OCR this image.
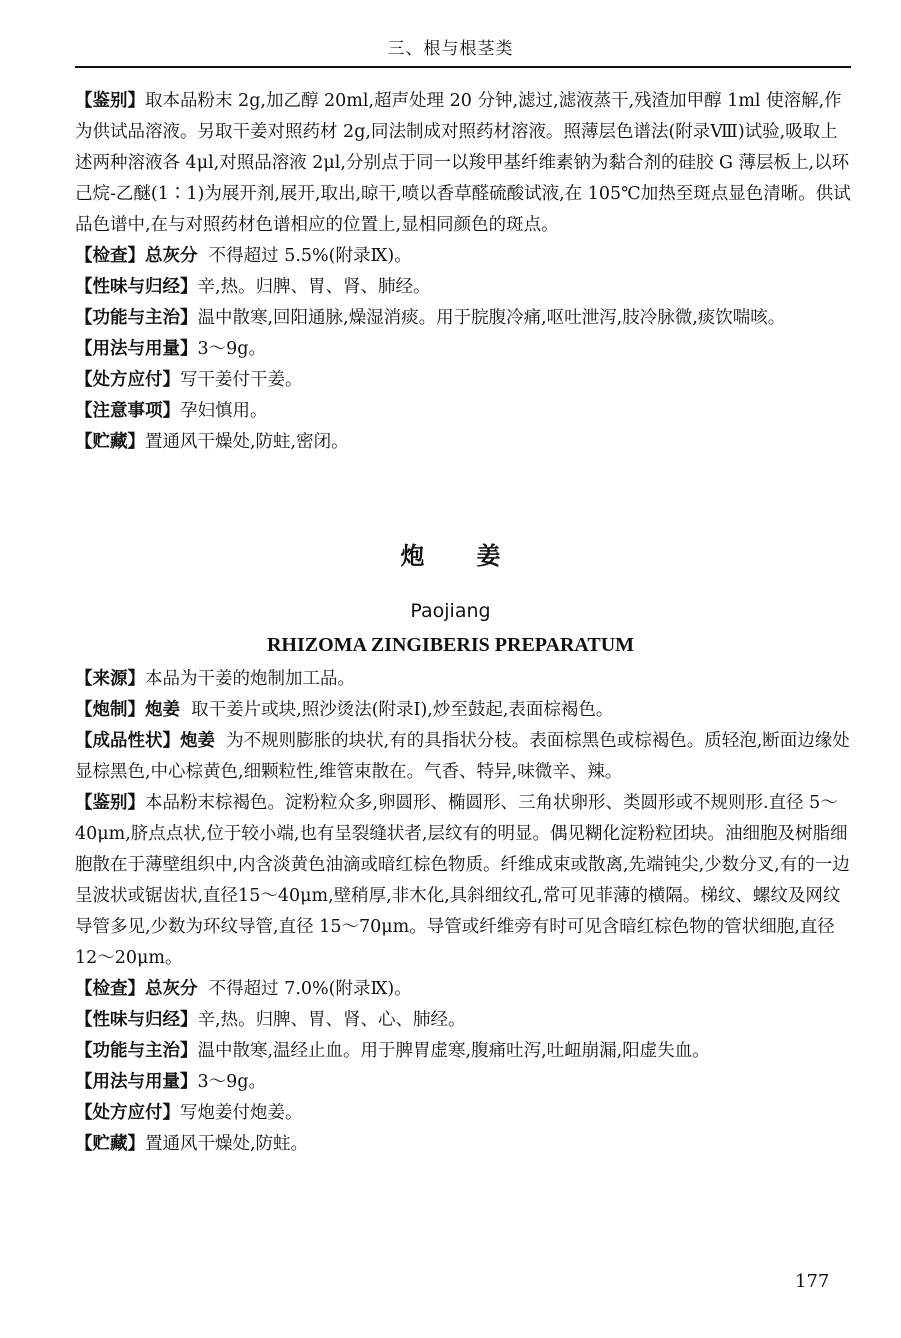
三、根与根茎类

【鉴别】取本品粉末 2g,加乙醇 20ml,超声处理 20 分钟,滤过,滤液蒸干,残渣加甲醇 1ml 使溶解,作为供试品溶液。另取干姜对照药材 2g,同法制成对照药材溶液。照薄层色谱法(附录Ⅷ)试验,吸取上述两种溶液各 4μl,对照品溶液 2μl,分别点于同一以羧甲基纤维素钠为黏合剂的硅胶 G 薄层板上,以环己烷-乙醚(1∶1)为展开剂,展开,取出,晾干,喷以香草醛硫酸试液,在 105℃加热至斑点显色清晰。供试品色谱中,在与对照药材色谱相应的位置上,显相同颜色的斑点。

【检查】总灰分 不得超过 5.5%(附录Ⅸ)。

【性味与归经】辛,热。归脾、胃、肾、肺经。

【功能与主治】温中散寒,回阳通脉,燥湿消痰。用于脘腹冷痛,呕吐泄泻,肢冷脉微,痰饮喘咳。

【用法与用量】3～9g。

【处方应付】写干姜付干姜。

【注意事项】孕妇慎用。

【贮藏】置通风干燥处,防蛀,密闭。

炮姜
Paojiang
RHIZOMA ZINGIBERIS PREPARATUM

【来源】本品为干姜的炮制加工品。

【炮制】炮姜 取干姜片或块,照沙烫法(附录Ⅰ),炒至鼓起,表面棕褐色。

【成品性状】炮姜 为不规则膨胀的块状,有的具指状分枝。表面棕黑色或棕褐色。质轻泡,断面边缘处显棕黑色,中心棕黄色,细颗粒性,维管束散在。气香、特异,味微辛、辣。

【鉴别】本品粉末棕褐色。淀粉粒众多,卵圆形、椭圆形、三角状卵形、类圆形或不规则形.直径 5～40μm,脐点点状,位于较小端,也有呈裂缝状者,层纹有的明显。偶见糊化淀粉粒团块。油细胞及树脂细胞散在于薄壁组织中,内含淡黄色油滴或暗红棕色物质。纤维成束或散离,先端钝尖,少数分叉,有的一边呈波状或锯齿状,直径15～40μm,壁稍厚,非木化,具斜细纹孔,常可见菲薄的横隔。梯纹、螺纹及网纹导管多见,少数为环纹导管,直径 15～70μm。导管或纤维旁有时可见含暗红棕色物的管状细胞,直径 12～20μm。

【检查】总灰分 不得超过 7.0%(附录Ⅸ)。

【性味与归经】辛,热。归脾、胃、肾、心、肺经。

【功能与主治】温中散寒,温经止血。用于脾胃虚寒,腹痛吐泻,吐衄崩漏,阳虚失血。

【用法与用量】3～9g。

【处方应付】写炮姜付炮姜。

【贮藏】置通风干燥处,防蛀。

177
